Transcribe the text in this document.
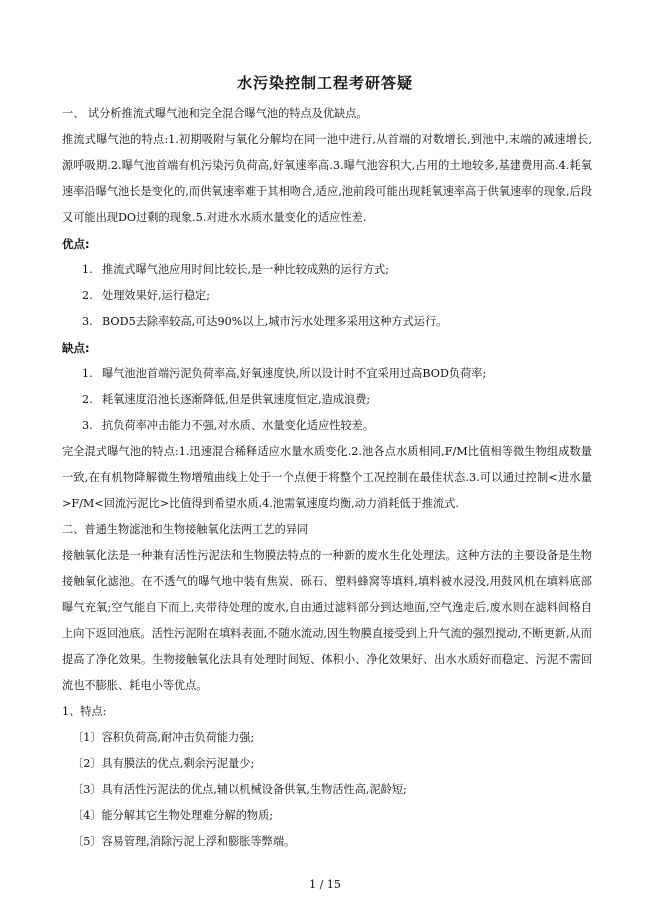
水污染控制工程考研答疑

一、 试分析推流式曝气池和完全混合曝气池的特点及优缺点。

推流式曝气池的特点:1.初期吸附与氧化分解均在同一池中进行,从首端的对数增长,到池中,末端的减速增长,源呼吸期.2.曝气池首端有机污染污负荷高,好氧速率高.3.曝气池容积大,占用的土地较多,基建费用高.4.耗氧速率沿曝气池长是变化的,而供氧速率难于其相吻合,适应,池前段可能出现耗氧速率高于供氧速率的现象,后段又可能出现DO过剩的现象.5.对进水水质水量变化的适应性差.

优点:

1. 推流式曝气池应用时间比较长,是一种比较成熟的运行方式;
2. 处理效果好,运行稳定;
3. BOD5去除率较高,可达90%以上,城市污水处理多采用这种方式运行。

缺点:

1. 曝气池池首端污泥负荷率高,好氧速度快,所以设计时不宜采用过高BOD负荷率;
2. 耗氧速度沿池长逐渐降低,但是供氧速度恒定,造成浪费;
3. 抗负荷率冲击能力不强,对水质、水量变化适应性较差。

完全混式曝气池的特点:1.迅速混合稀释适应水量水质变化.2.池各点水质相同,F/M比值相等微生物组成数量一致,在有机物降解微生物增殖曲线上处于一个点便于将整个工况控制在最佳状态.3.可以通过控制<进水量>F/M<回流污泥比>比值得到希望水质.4.池需氧速度均衡,动力消耗低于推流式.

二、普通生物滤池和生物接触氧化法两工艺的异同

接触氧化法是一种兼有活性污泥法和生物膜法特点的一种新的废水生化处理法。这种方法的主要设备是生物接触氧化滤池。在不透气的曝气地中装有焦炭、砾石、塑料蜂窝等填料,填料被水浸没,用鼓风机在填料底部曝气充氧;空气能自下而上,夹带待处理的废水,自由通过滤料部分到达地面,空气逸走后,废水则在滤料间格自上向下返回池底。活性污泥附在填料表面,不随水流动,因生物膜直接受到上升气流的强烈搅动,不断更新,从而提高了净化效果。生物接触氧化法具有处理时间短、体积小、净化效果好、出水水质好而稳定、污泥不需回流也不膨胀、耗电小等优点。

1、特点:

〔1〕容积负荷高,耐冲击负荷能力强;

〔2〕具有膜法的优点,剩余污泥量少;

〔3〕具有活性污泥法的优点,辅以机械设备供氧,生物活性高,泥龄短;

〔4〕能分解其它生物处理难分解的物质;

〔5〕容易管理,消除污泥上浮和膨胀等弊端。

1 / 15
